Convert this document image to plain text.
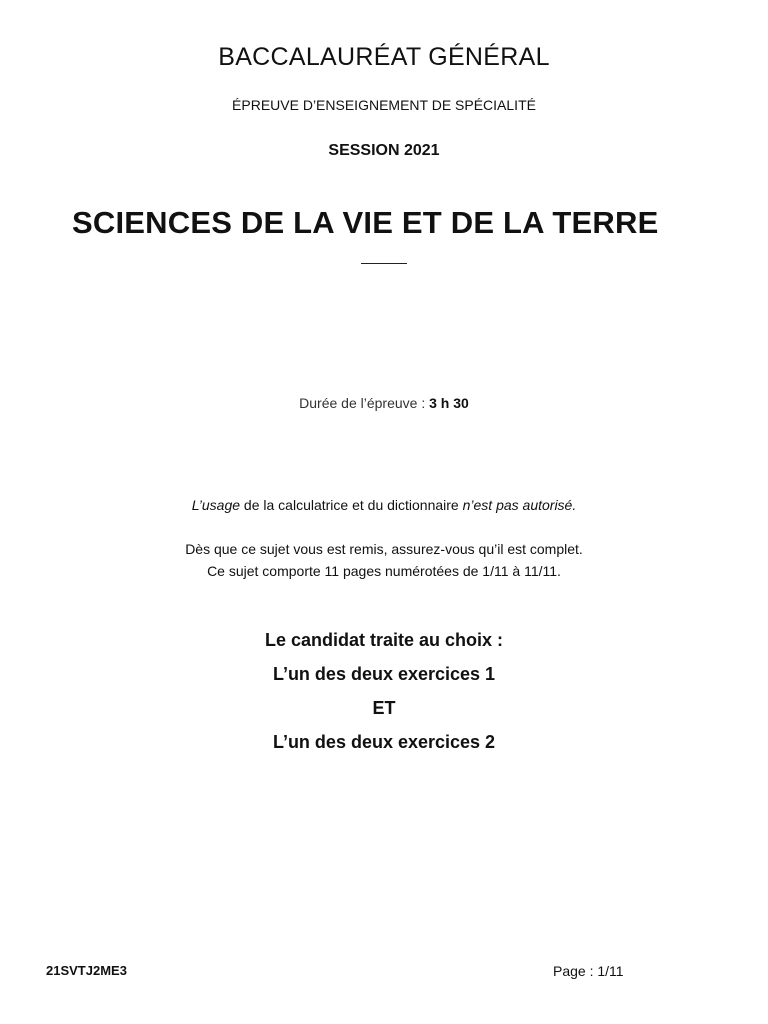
BACCALAURÉAT GÉNÉRAL
ÉPREUVE D’ENSEIGNEMENT DE SPÉCIALITÉ
SESSION 2021
SCIENCES DE LA VIE ET DE LA TERRE
Durée de l’épreuve : 3 h 30
L’usage de la calculatrice et du dictionnaire n’est pas autorisé.
Dès que ce sujet vous est remis, assurez-vous qu’il est complet.
Ce sujet comporte 11 pages numérotées de 1/11 à 11/11.
Le candidat traite au choix :
L’un des deux exercices 1
ET
L’un des deux exercices 2
21SVTJ2ME3	Page : 1/11
